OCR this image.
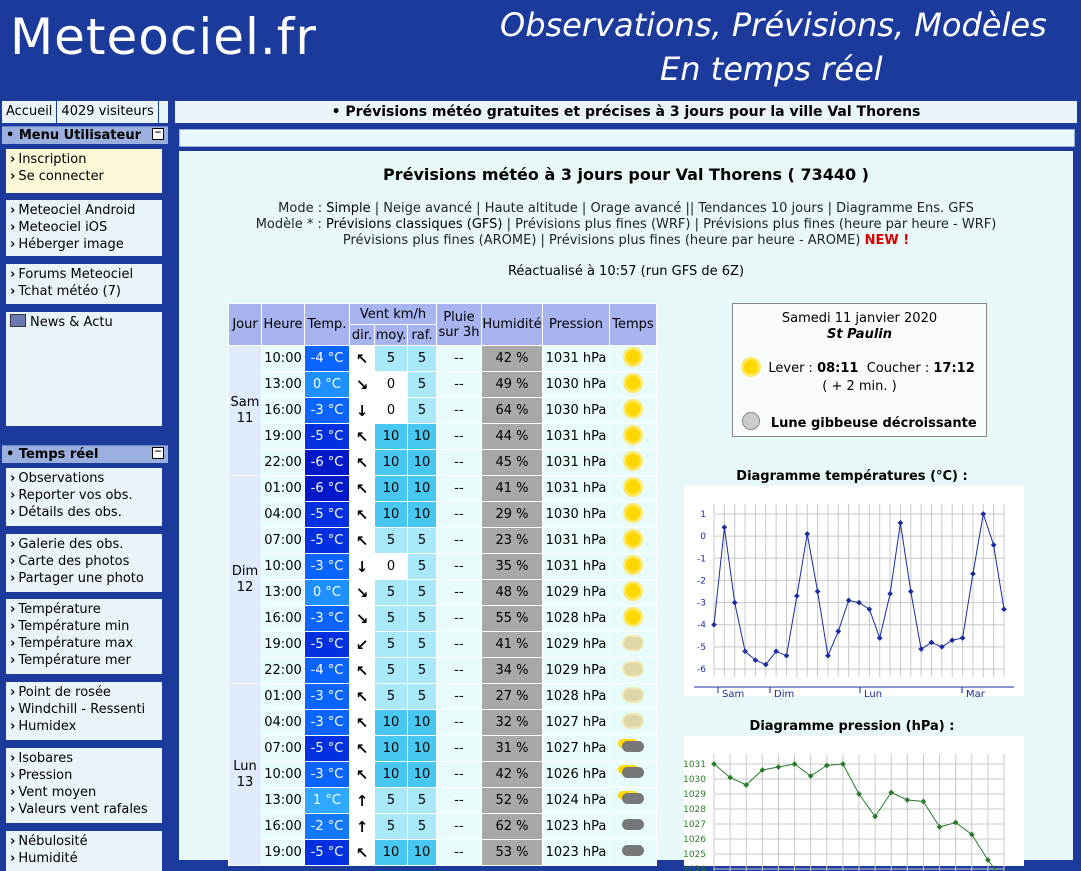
Meteociel.fr	Observations, Prévisions, Modèles
En temps réel
Accueil 4029 visiteurs
• Menu Utilisateur −
› Inscription
› Se connecter
› Meteociel Android
› Meteociel iOS
› Héberger image
› Forums Meteociel
› Tchat météo (7)
News & Actu
• Temps réel	−
› Observations
› Reporter vos obs.
› Détails des obs.
› Galerie des obs.
› Carte des photos
› Partager une photo
› Température
› Température min
› Température max
› Température mer
› Point de rosée
› Windchill - Ressenti
› Humidex
› Isobares
› Pression
› Vent moyen
› Valeurs vent rafales
› Nébulosité
› Humidité
• Prévisions météo gratuites et précises à 3 jours pour la ville Val Thorens
Prévisions météo à 3 jours pour Val Thorens ( 73440 )
Mode : Simple | Neige avancé | Haute altitude | Orage avancé || Tendances 10 jours | Diagramme Ens. GFS
Modèle * : Prévisions classiques (GFS) | Prévisions plus fines (WRF) | Prévisions plus fines (heure par heure - WRF)
Prévisions plus fines (AROME) | Prévisions plus fines (heure par heure - AROME) NEW !
Réactualisé à 10:57 (run GFS de 6Z)
Jour	Heure	Temp.	Vent km/h			Pluie
sur 3h	Humidité	Pression	Temps
			dir.	moy.	raf.				
Sam 11	10:00	-4 °C	↖	5	5	--	42 %	1031 hPa	
	13:00	0 °C	↘	0	5	--	49 %	1030 hPa	
	16:00	-3 °C	↓	0	5	--	64 %	1030 hPa	
	19:00	-5 °C	↖	10	10	--	44 %	1031 hPa	
	22:00	-6 °C	↖	10	10	--	45 %	1031 hPa	
Dim 12	01:00	-6 °C	↖	10	10	--	41 %	1031 hPa	
	04:00	-5 °C	↖	10	10	--	29 %	1030 hPa	
	07:00	-5 °C	↖	5	5	--	23 %	1031 hPa	
	10:00	-3 °C	↓	0	5	--	35 %	1031 hPa	
	13:00	0 °C	↘	5	5	--	48 %	1029 hPa	
	16:00	-3 °C	↘	5	5	--	55 %	1028 hPa	
	19:00	-5 °C	↙	5	5	--	41 %	1029 hPa	
	22:00	-4 °C	↖	5	5	--	34 %	1029 hPa	
Lun 13	01:00	-3 °C	↖	5	5	--	27 %	1028 hPa	
	04:00	-3 °C	↖	10	10	--	32 %	1027 hPa	
	07:00	-5 °C	↖	10	10	--	31 %	1027 hPa	
	10:00	-3 °C	↖	10	10	--	42 %	1026 hPa	
	13:00	1 °C	↑	5	5	--	52 %	1024 hPa	
	16:00	-2 °C	↑	5	5	--	62 %	1023 hPa	
	19:00	-5 °C	↖	10	10	--	53 %	1023 hPa	
Samedi 11 janvier 2020
St Paulin
Lever : 08:11 Coucher : 17:12
( + 2 min. )
Lune gibbeuse décroissante
Diagramme températures (°C) :
1
0
-1
-2
-3
-4
-5
-6
Sam	Dim	Lun	Mar
Diagramme pression (hPa) :
1031
1030
1029
1028
1027
1026
1025
1024
